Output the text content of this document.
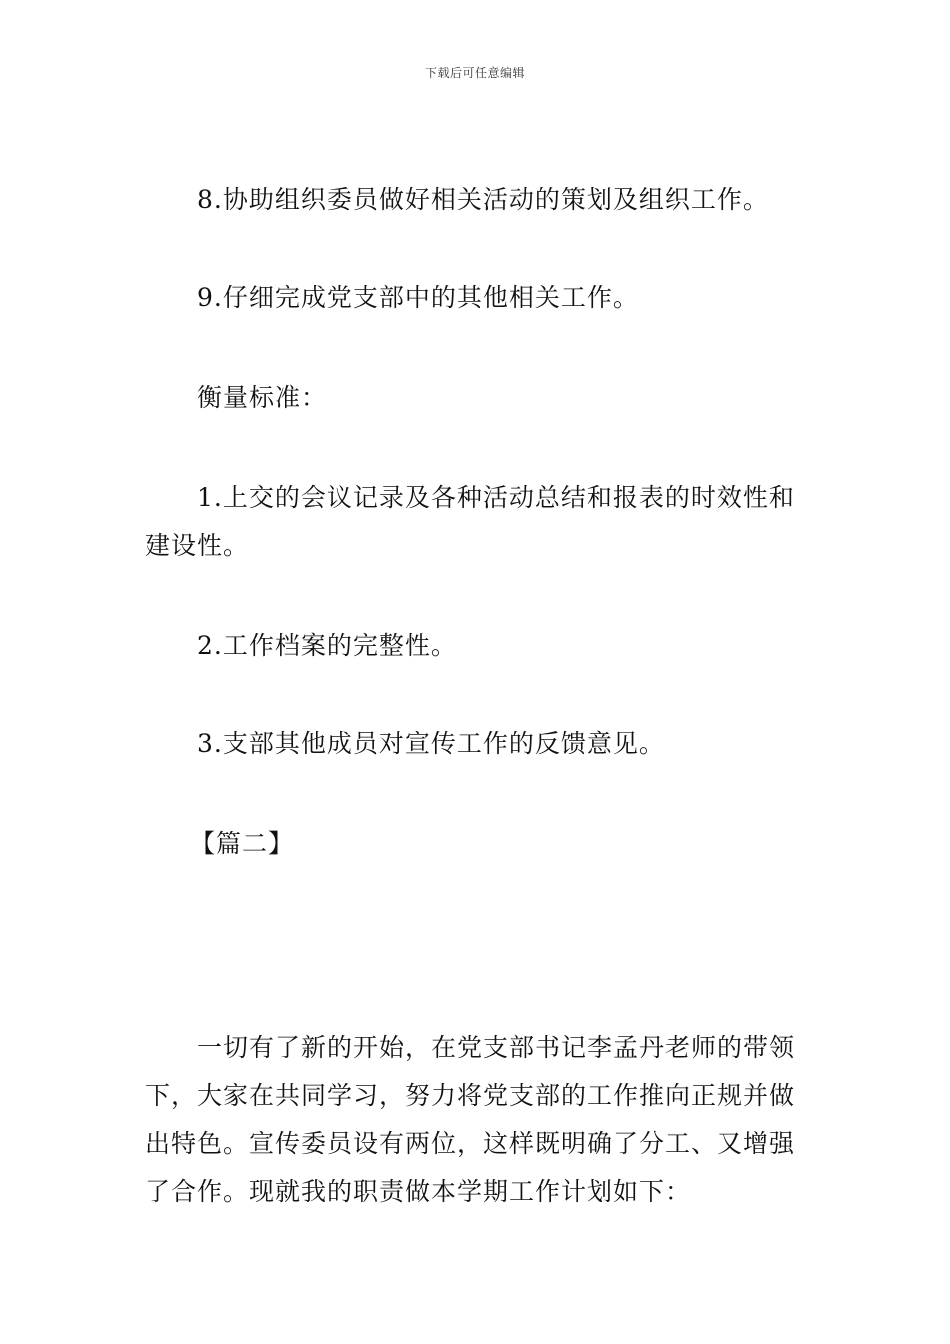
下载后可任意编辑

8.协助组织委员做好相关活动的策划及组织工作。

9.仔细完成党支部中的其他相关工作。

衡量标准：

1.上交的会议记录及各种活动总结和报表的时效性和建设性。

2.工作档案的完整性。

3.支部其他成员对宣传工作的反馈意见。

【篇二】

一切有了新的开始，在党支部书记李孟丹老师的带领下，大家在共同学习，努力将党支部的工作推向正规并做出特色。宣传委员设有两位，这样既明确了分工、又增强了合作。现就我的职责做本学期工作计划如下：
